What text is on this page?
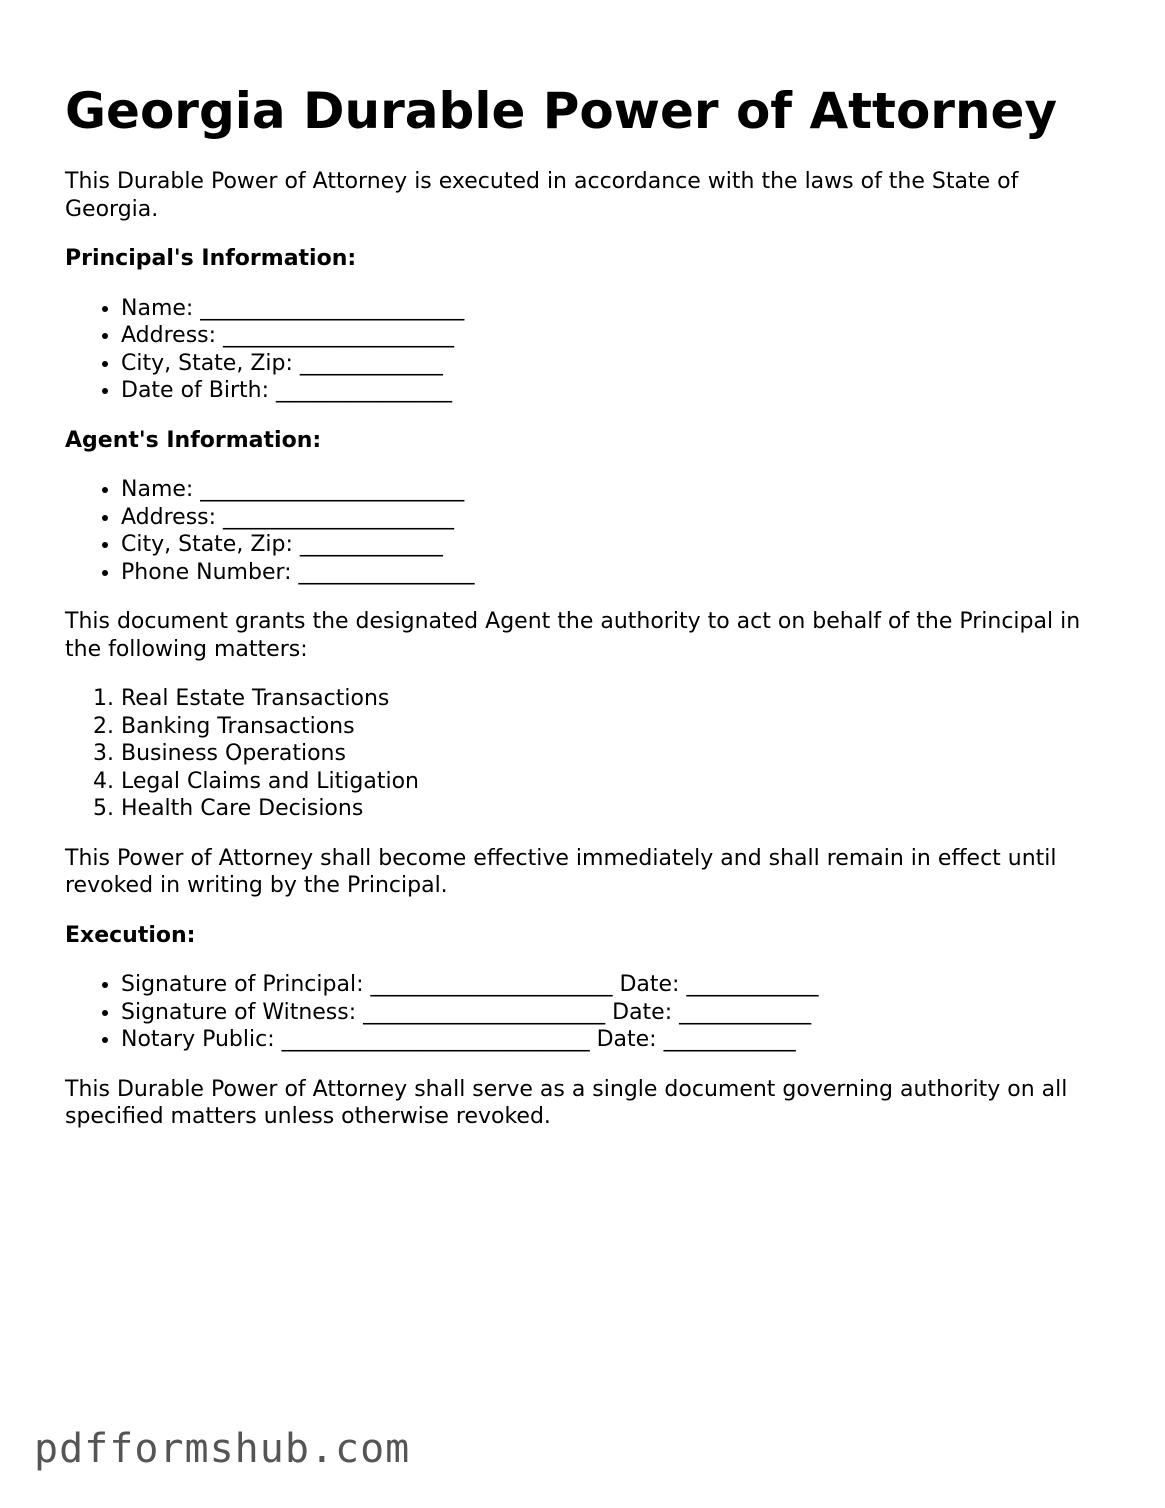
Georgia Durable Power of Attorney

This Durable Power of Attorney is executed in accordance with the laws of the State of Georgia.

Principal's Information:
• Name: ________________________
• Address: _____________________
• City, State, Zip: _____________
• Date of Birth: ________________
Agent's Information:
• Name: ________________________
• Address: _____________________
• City, State, Zip: _____________
• Phone Number: ________________

This document grants the designated Agent the authority to act on behalf of the Principal in the following matters:

1. Real Estate Transactions
2. Banking Transactions
3. Business Operations
4. Legal Claims and Litigation
5. Health Care Decisions

This Power of Attorney shall become effective immediately and shall remain in effect until revoked in writing by the Principal.

Execution:
• Signature of Principal: ______________________ Date: ____________
• Signature of Witness: ______________________ Date: ____________
• Notary Public: ____________________________ Date: ____________

This Durable Power of Attorney shall serve as a single document governing authority on all specified matters unless otherwise revoked.

pdfformshub.com
